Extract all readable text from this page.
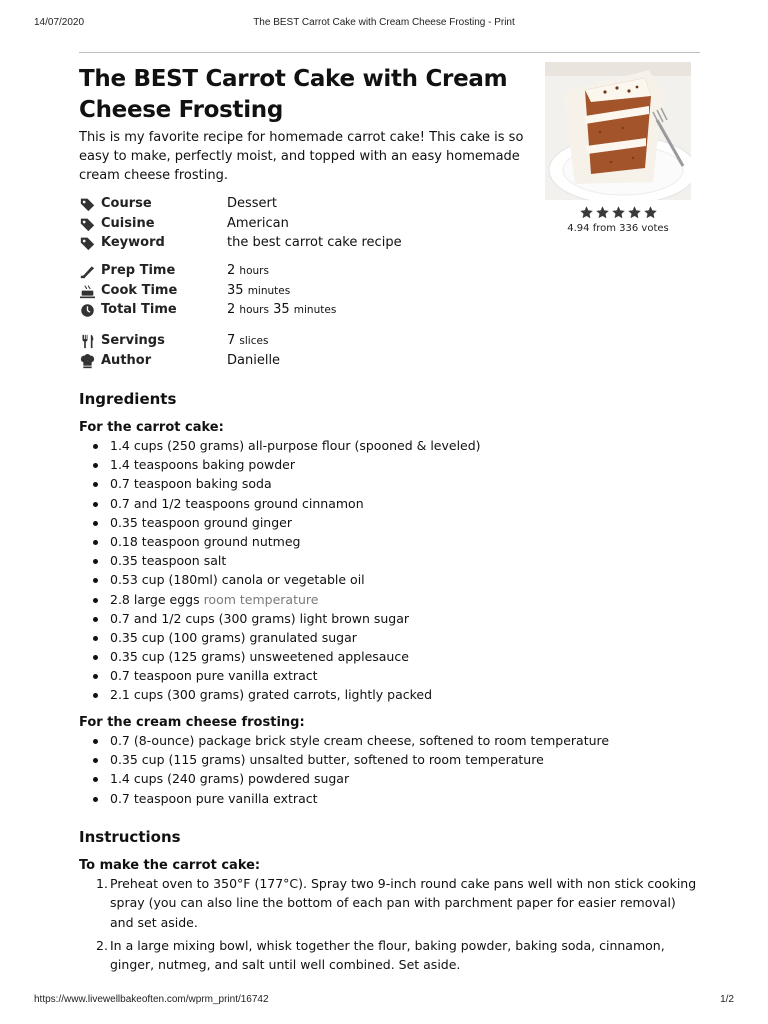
14/07/2020	The BEST Carrot Cake with Cream Cheese Frosting - Print
The BEST Carrot Cake with Cream Cheese Frosting

This is my favorite recipe for homemade carrot cake! This cake is so easy to make, perfectly moist, and topped with an easy homemade cream cheese frosting.

4.94 from 336 votes
Course	Dessert
Cuisine	American
Keyword	the best carrot cake recipe
Prep Time	2 hours
Cook Time	35 minutes
Total Time	2 hours 35 minutes
Servings	7 slices
Author	Danielle
Ingredients
For the carrot cake:
1.4 cups (250 grams) all-purpose flour (spooned & leveled)
1.4 teaspoons baking powder
0.7 teaspoon baking soda
0.7 and 1/2 teaspoons ground cinnamon
0.35 teaspoon ground ginger
0.18 teaspoon ground nutmeg
0.35 teaspoon salt
0.53 cup (180ml) canola or vegetable oil
2.8 large eggs room temperature
0.7 and 1/2 cups (300 grams) light brown sugar
0.35 cup (100 grams) granulated sugar
0.35 cup (125 grams) unsweetened applesauce
0.7 teaspoon pure vanilla extract
2.1 cups (300 grams) grated carrots, lightly packed
For the cream cheese frosting:
0.7 (8-ounce) package brick style cream cheese, softened to room temperature
0.35 cup (115 grams) unsalted butter, softened to room temperature
1.4 cups (240 grams) powdered sugar
0.7 teaspoon pure vanilla extract
Instructions
To make the carrot cake:
1. Preheat oven to 350°F (177°C). Spray two 9-inch round cake pans well with non stick cooking spray (you can also line the bottom of each pan with parchment paper for easier removal) and set aside.
2. In a large mixing bowl, whisk together the flour, baking powder, baking soda, cinnamon, ginger, nutmeg, and salt until well combined. Set aside.
https://www.livewellbakeoften.com/wprm_print/16742	1/2
